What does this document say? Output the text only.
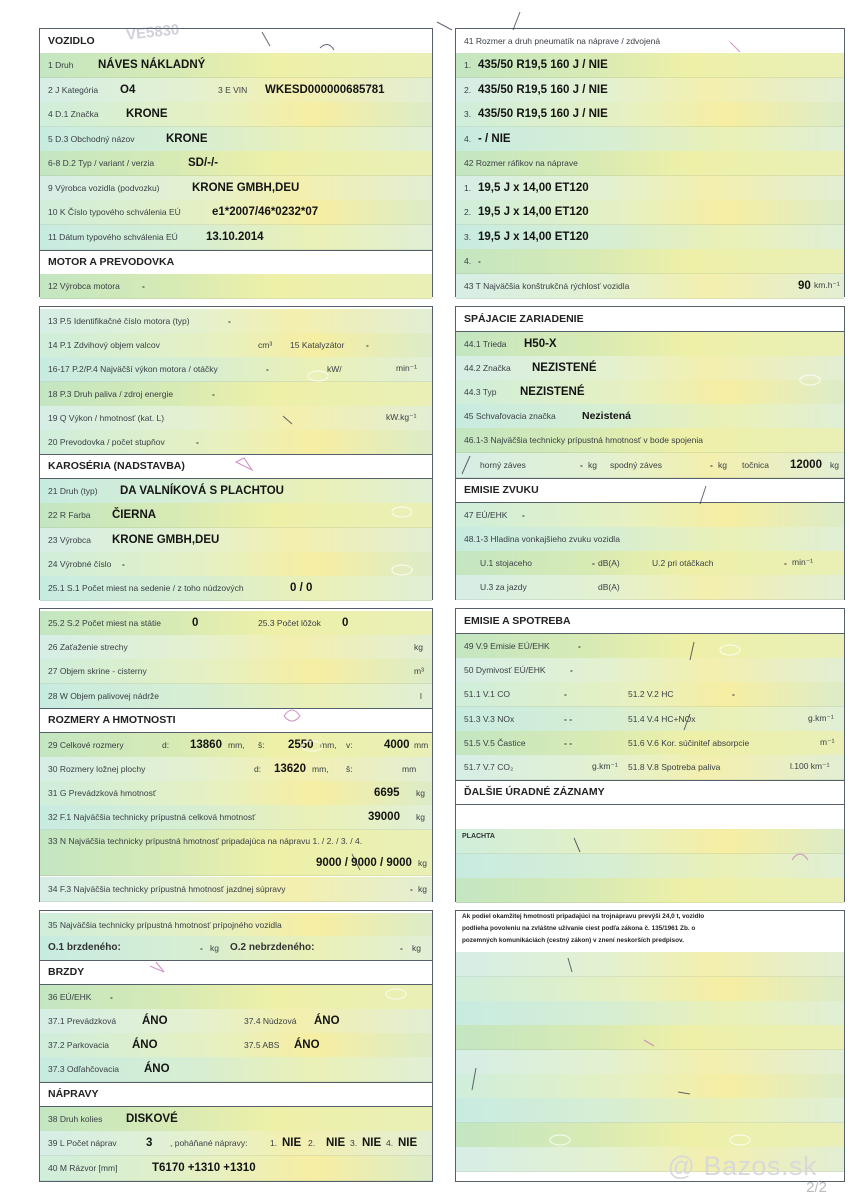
VOZIDLO
1 Druh NÁVES NÁKLADNÝ
2 J Kategória O4	3 E VIN WKESD000000685781
4 D.1 Značka KRONE
5 D.3 Obchodný názov	KRONE
6-8 D.2 Typ / variant / verzia	SD/-/-
9 Výrobca vozidla (podvozku)	KRONE GMBH,DEU
10 K Číslo typového schválenia EÚ	e1*2007/46*0232*07
11 Dátum typového schválenia EÚ 13.10.2014
MOTOR A PREVODOVKA
12 Výrobca motora	-
13 P.5 Identifikačné číslo motora (typ)	-
14 P.1 Zdvihový objem valcov	cm³ 15 Katalyzátor	-
16-17 P.2/P.4 Najväčší výkon motora / otáčky	-	kW/	min⁻¹
18 P.3 Druh paliva / zdroj energie	-
19 Q Výkon / hmotnosť (kat. L)	kW.kg⁻¹
20 Prevodovka / počet stupňov	-
KAROSÉRIA (NADSTAVBA)
21 Druh (typ) DA VALNÍKOVÁ S PLACHTOU
22 R Farba ČIERNA
23 Výrobca KRONE GMBH,DEU
24 Výrobné číslo -
25.1 S.1 Počet miest na sedenie / z toho núdzových	0 / 0
25.2 S.2 Počet miest na státie	0	25.3 Počet lôžok 0
26 Zaťaženie strechy	kg
27 Objem skrine - cisterny	m³
28 W Objem palivovej nádrže	l
ROZMERY A HMOTNOSTI
29 Celkové rozmery	d: 13860 mm, š: 2550 mm, v:	4000 mm
30 Rozmery ložnej plochy	d: 13620 mm, š:	mm
31 G Prevádzková hmotnosť	6695 kg
32 F.1 Najväčšia technicky prípustná celková hmotnosť	39000 kg
33 N Najväčšia technicky prípustná hmotnosť pripadajúca na nápravu 1. / 2. / 3. / 4.
9000 / 9000 / 9000 kg
34 F.3 Najväčšia technicky prípustná hmotnosť jazdnej súpravy	- kg
35 Najväčšia technicky prípustná hmotnosť prípojného vozidla
O.1 brzdeného:	- kg O.2 nebrzdeného:	- kg
BRZDY
36 EÚ/EHK -
37.1 Prevádzková ÁNO	37.4 Núdzová ÁNO
37.2 Parkovacia ÁNO	37.5 ABS ÁNO
37.3 Odľahčovacia ÁNO
NÁPRAVY
38 Druh kolies DISKOVÉ
39 L Počet náprav	3 , poháňané nápravy:	1. NIE 2. NIE 3. NIE 4. NIE
40 M Rázvor [mm]	T6170 +1310 +1310
41 Rozmer a druh pneumatík na náprave / zdvojená
1. 435/50 R19,5 160 J / NIE
2. 435/50 R19,5 160 J / NIE
3. 435/50 R19,5 160 J / NIE
4. - / NIE
42 Rozmer ráfikov na náprave
1. 19,5 J x 14,00 ET120
2. 19,5 J x 14,00 ET120
3. 19,5 J x 14,00 ET120
4. -
43 T Najväčšia konštrukčná rýchlosť vozidla	90 km.h⁻¹
SPÁJACIE ZARIADENIE
44.1 Trieda H50-X
44.2 Značka NEZISTENÉ
44.3 Typ NEZISTENÉ
45 Schvaľovacia značka Nezistená
46.1-3 Najväčšia technicky prípustná hmotnosť v bode spojenia
horný záves	- kg spodný záves	- kg točnica 12000 kg
EMISIE ZVUKU
47 EÚ/EHK -
48.1-3 Hladina vonkajšieho zvuku vozidla
U.1 stojaceho	- dB(A)	U.2 pri otáčkach	- min⁻¹
U.3 za jazdy	dB(A)
EMISIE A SPOTREBA
49 V.9 Emisie EÚ/EHK	-
50 Dymivosť EÚ/EHK	-
51.1 V.1 CO	-	51.2 V.2 HC	-
51.3 V.3 NOx	- -	51.4 V.4 HC+NOx	g.km⁻¹
51.5 V.5 Častice	- -	51.6 V.6 Kor. súčiniteľ absorpcie	m⁻¹
51.7 V.7 CO₂	g.km⁻¹ 51.8 V.8 Spotreba paliva	l.100 km⁻¹
ĎALŠIE ÚRADNÉ ZÁZNAMY
PLACHTA
Ak podiel okamžitej hmotnosti pripadajúci na trojnápravu prevýši 24,0 t, vozidlo
podlieha povoleniu na zvláštne užívanie ciest podľa zákona č. 135/1961 Zb. o
pozemných komunikáciách (cestný zákon) v znení neskorších predpisov.
VE5830
@ Bazos.sk
2/2
